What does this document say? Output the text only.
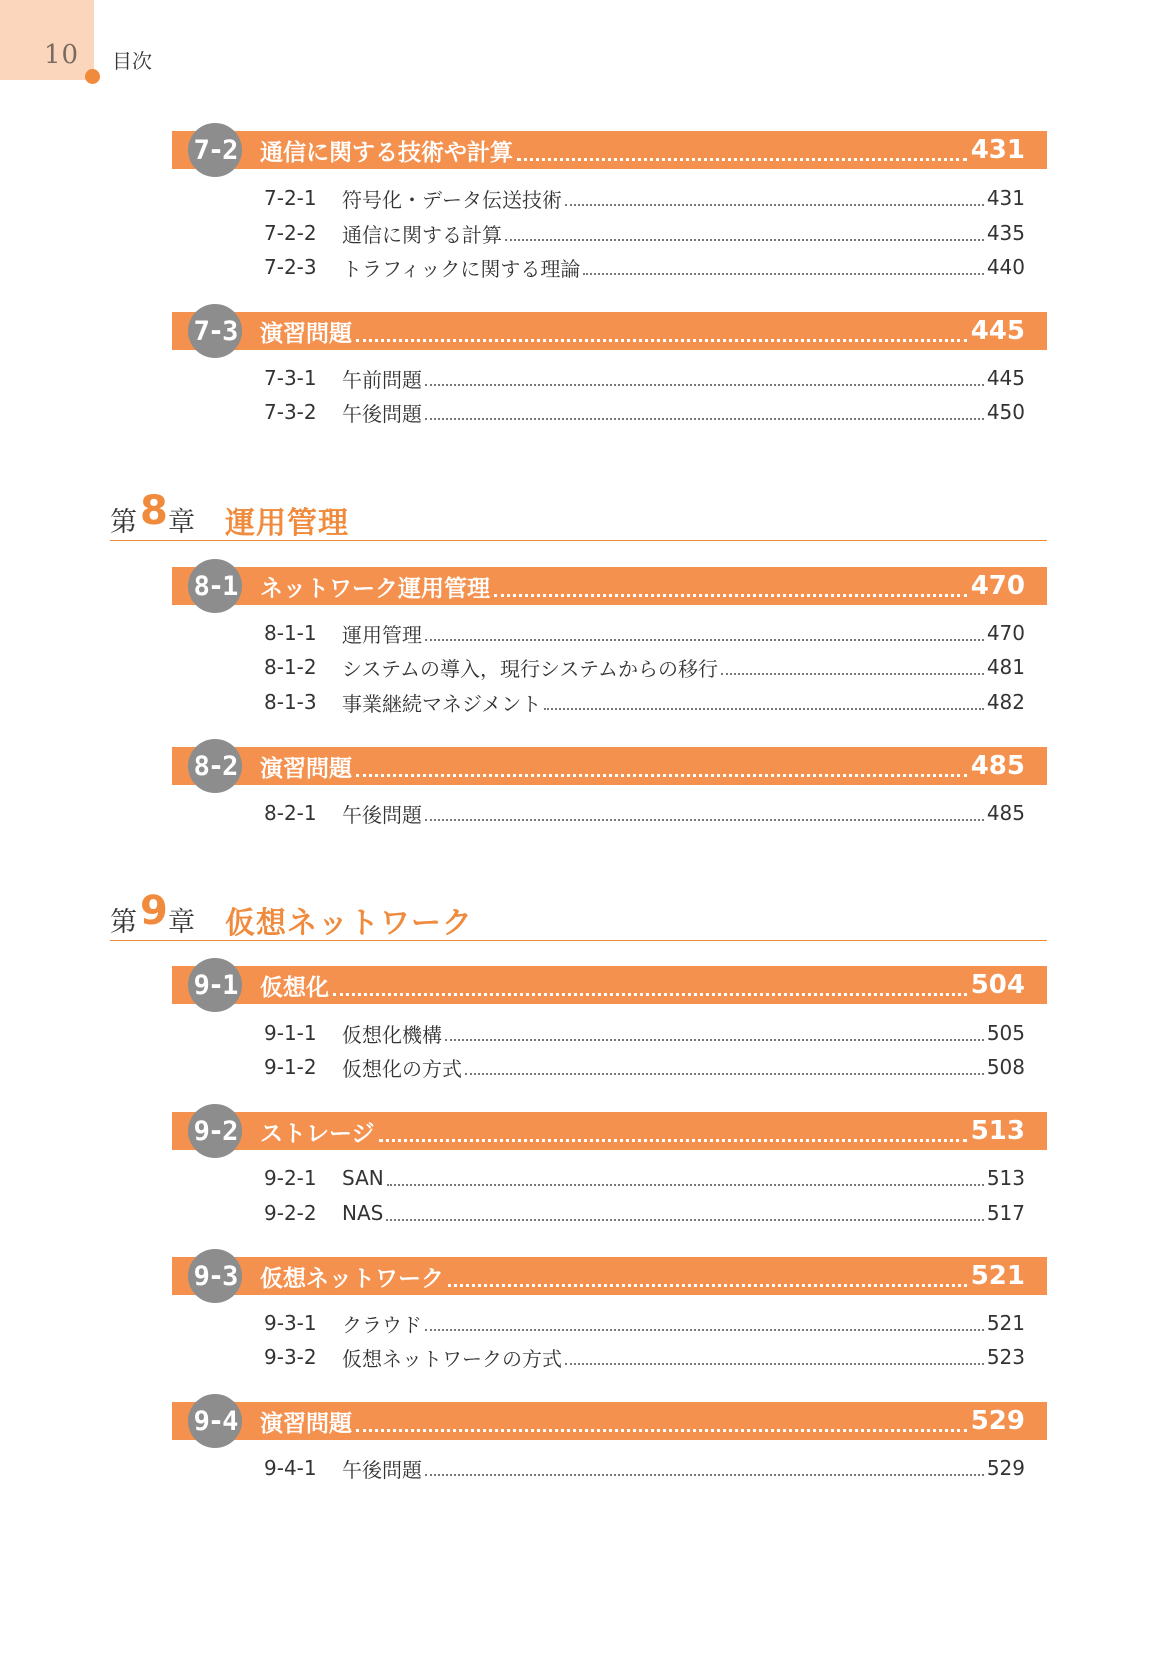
10 目次
7-2 通信に関する技術や計算	431
7-2-1	符号化・データ伝送技術	431
7-2-2	通信に関する計算	435
7-2-3	トラフィックに関する理論	440
7-3 演習問題	445
7-3-1	午前問題	445
7-3-2	午後問題	450
第 8 章 運用管理
8-1 ネットワーク運用管理	470
8-1-1	運用管理	470
8-1-2	システムの導入，現行システムからの移行	481
8-1-3	事業継続マネジメント	482
8-2 演習問題	485
8-2-1	午後問題	485
第 9 章 仮想ネットワーク
9-1 仮想化	504
9-1-1	仮想化機構	505
9-1-2	仮想化の方式	508
9-2 ストレージ	513
9-2-1	SAN	513
9-2-2	NAS	517
9-3 仮想ネットワーク	521
9-3-1	クラウド	521
9-3-2	仮想ネットワークの方式	523
9-4 演習問題	529
9-4-1	午後問題	529
